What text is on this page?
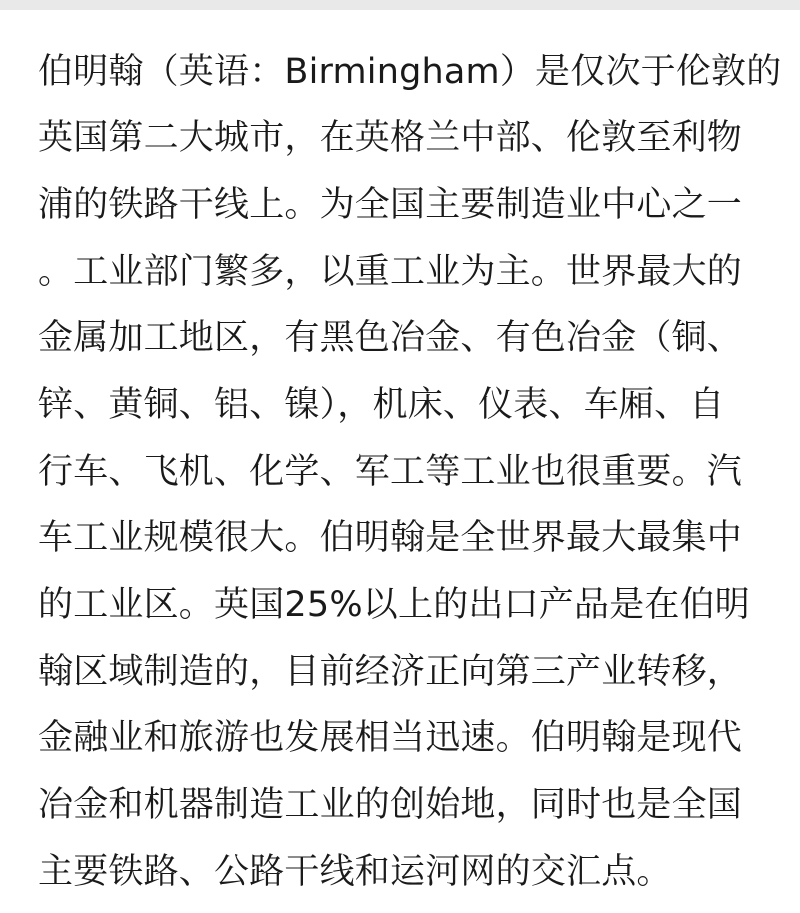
伯明翰（英语：Birmingham）是仅次于伦敦的
英国第二大城市，在英格兰中部、伦敦至利物
浦的铁路干线上。为全国主要制造业中心之一
。工业部门繁多，以重工业为主。世界最大的
金属加工地区，有黑色冶金、有色冶金（铜、
锌、黄铜、铝、镍），机床、仪表、车厢、自
行车、飞机、化学、军工等工业也很重要。汽
车工业规模很大。伯明翰是全世界最大最集中
的工业区。英国25%以上的出口产品是在伯明
翰区域制造的，目前经济正向第三产业转移，
金融业和旅游也发展相当迅速。伯明翰是现代
冶金和机器制造工业的创始地，同时也是全国
主要铁路、公路干线和运河网的交汇点。
